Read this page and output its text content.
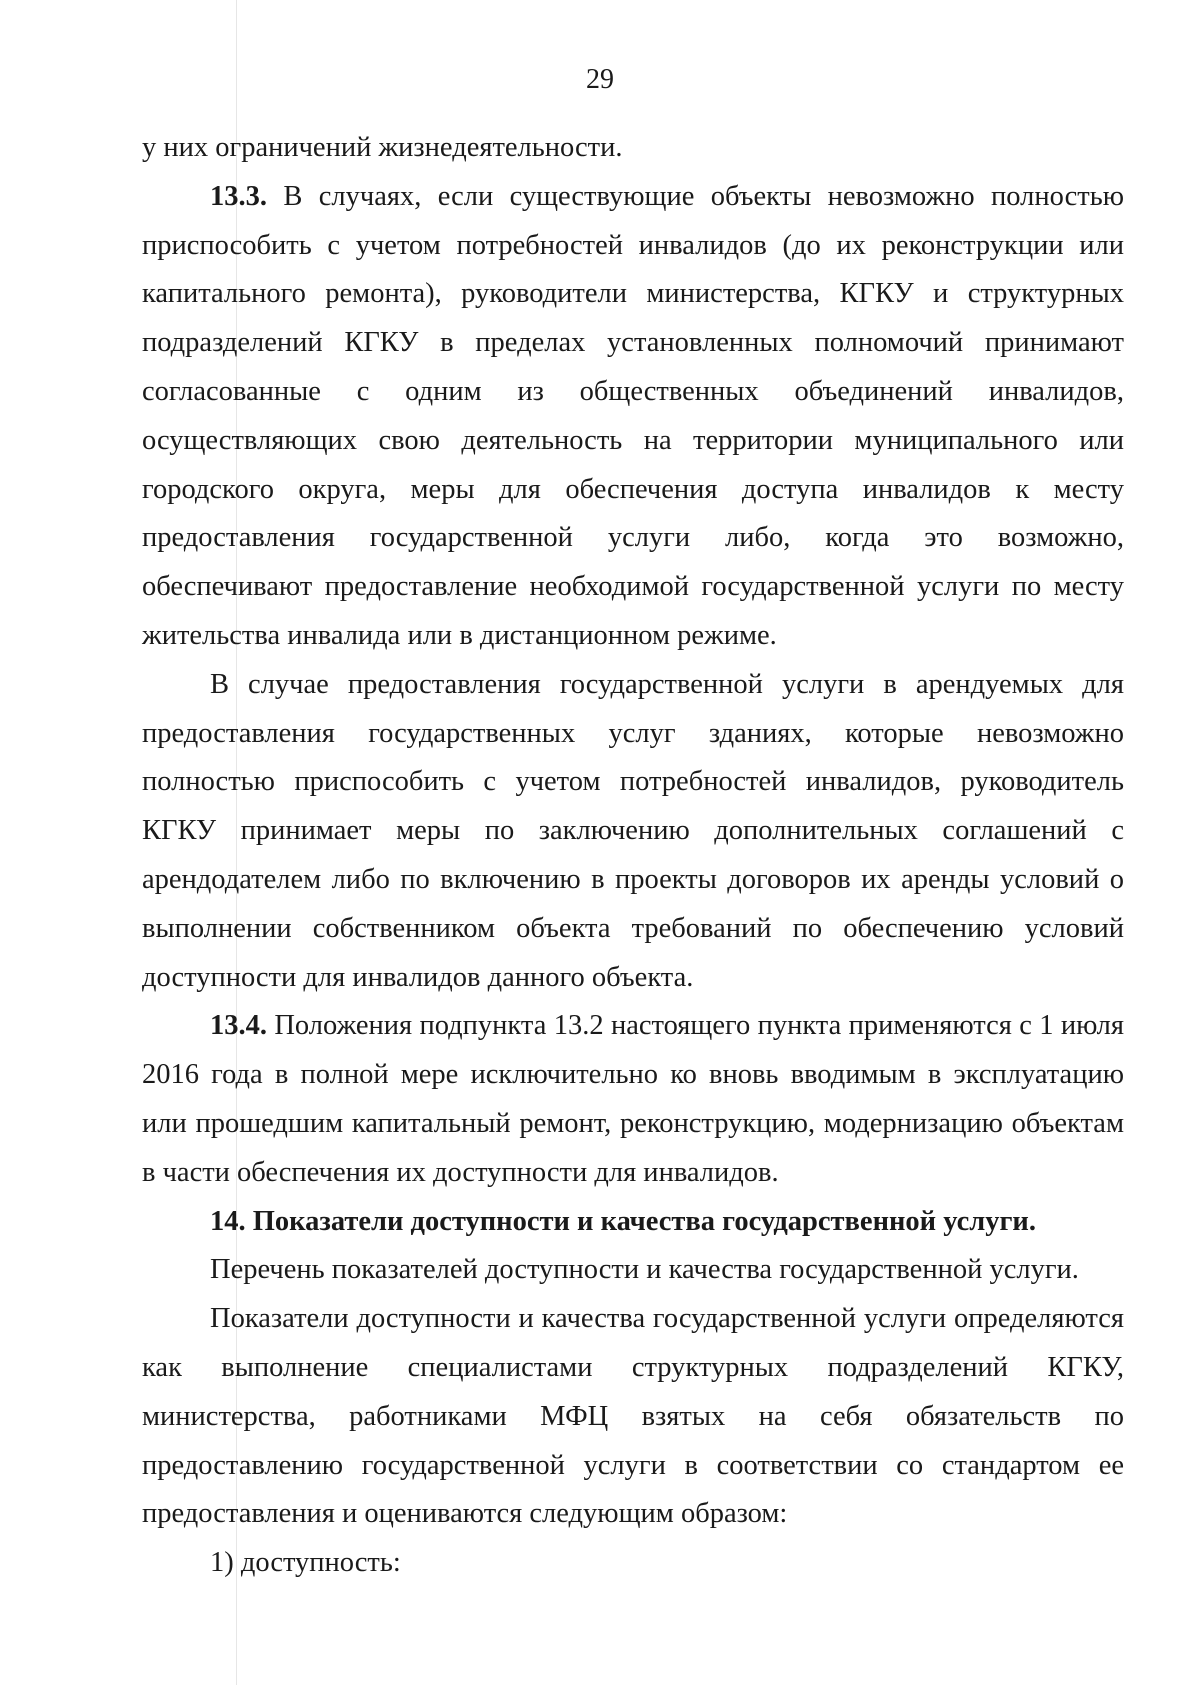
29

у них ограничений жизнедеятельности.

13.3. В случаях, если существующие объекты невозможно полностью приспособить с учетом потребностей инвалидов (до их реконструкции или капитального ремонта), руководители министерства, КГКУ и структурных подразделений КГКУ в пределах установленных полномочий принимают согласованные с одним из общественных объединений инвалидов, осуществляющих свою деятельность на территории муниципального или городского округа, меры для обеспечения доступа инвалидов к месту предоставления государственной услуги либо, когда это возможно, обеспечивают предоставление необходимой государственной услуги по месту жительства инвалида или в дистанционном режиме.

В случае предоставления государственной услуги в арендуемых для предоставления государственных услуг зданиях, которые невозможно полностью приспособить с учетом потребностей инвалидов, руководитель КГКУ принимает меры по заключению дополнительных соглашений с арендодателем либо по включению в проекты договоров их аренды условий о выполнении собственником объекта требований по обеспечению условий доступности для инвалидов данного объекта.

13.4. Положения подпункта 13.2 настоящего пункта применяются с 1 июля 2016 года в полной мере исключительно ко вновь вводимым в эксплуатацию или прошедшим капитальный ремонт, реконструкцию, модернизацию объектам в части обеспечения их доступности для инвалидов.

14. Показатели доступности и качества государственной услуги.

Перечень показателей доступности и качества государственной услуги.

Показатели доступности и качества государственной услуги определяются как выполнение специалистами структурных подразделений КГКУ, министерства, работниками МФЦ взятых на себя обязательств по предоставлению государственной услуги в соответствии со стандартом ее предоставления и оцениваются следующим образом:

1) доступность:
